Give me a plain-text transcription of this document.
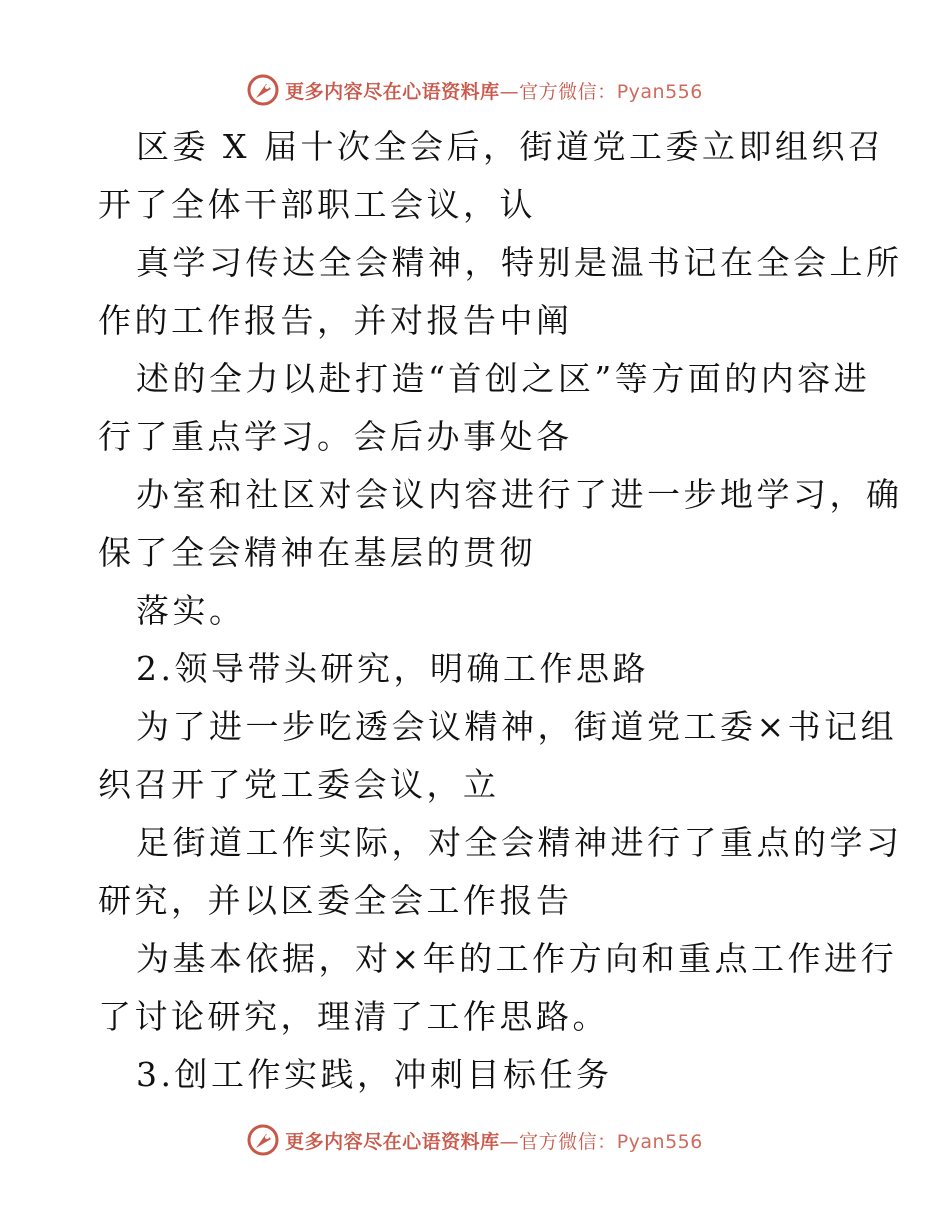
更多内容尽在心语资料库—官方微信：Pyan556
区委 X 届十次全会后，街道党工委立即组织召
开了全体干部职工会议，认
真学习传达全会精神，特别是温书记在全会上所
作的工作报告，并对报告中阐
述的全力以赴打造“首创之区”等方面的内容进
行了重点学习。会后办事处各
办室和社区对会议内容进行了进一步地学习，确
保了全会精神在基层的贯彻
落实。
2.领导带头研究，明确工作思路
为了进一步吃透会议精神，街道党工委×书记组
织召开了党工委会议，立
足街道工作实际，对全会精神进行了重点的学习
研究，并以区委全会工作报告
为基本依据，对×年的工作方向和重点工作进行
了讨论研究，理清了工作思路。
3.创工作实践，冲刺目标任务
更多内容尽在心语资料库—官方微信：Pyan556
